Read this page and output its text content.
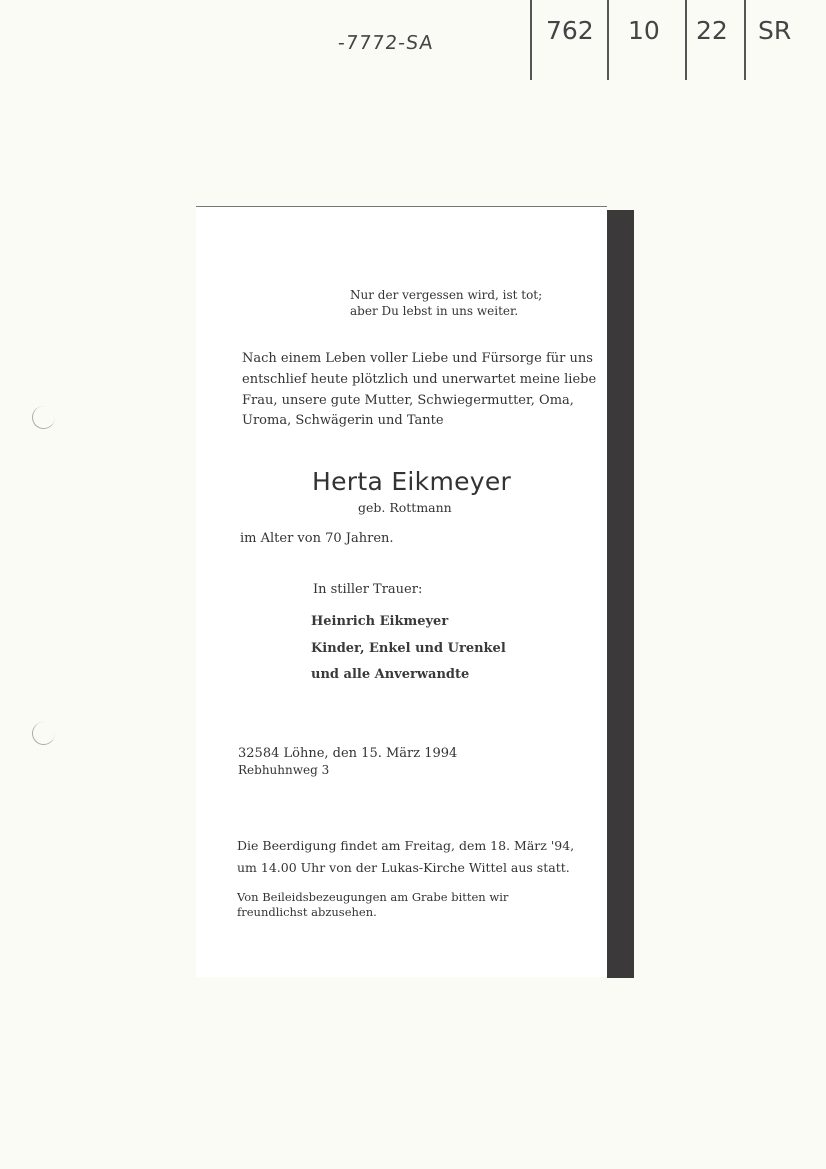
-7772-SA	762 10 22 SR
Nur der vergessen wird, ist tot;
aber Du lebst in uns weiter.
Nach einem Leben voller Liebe und Fürsorge für uns
entschlief heute plötzlich und unerwartet meine liebe
Frau, unsere gute Mutter, Schwiegermutter, Oma,
Uroma, Schwägerin und Tante
Herta Eikmeyer
geb. Rottmann
im Alter von 70 Jahren.
In stiller Trauer:
Heinrich Eikmeyer
Kinder, Enkel und Urenkel
und alle Anverwandte
32584 Löhne, den 15. März 1994
Rebhuhnweg 3
Die Beerdigung findet am Freitag, dem 18. März '94,
um 14.00 Uhr von der Lukas-Kirche Wittel aus statt.
Von Beileidsbezeugungen am Grabe bitten wir
freundlichst abzusehen.
